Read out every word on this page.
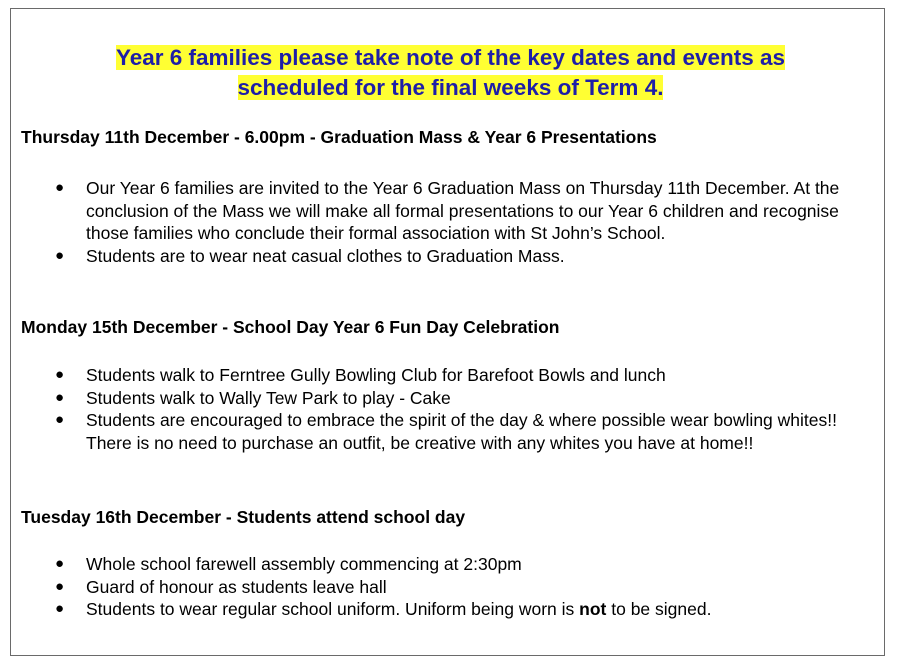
Year 6 families please take note of the key dates and events as
scheduled for the final weeks of Term 4.
Thursday 11th December - 6.00pm - Graduation Mass & Year 6 Presentations
● Our Year 6 families are invited to the Year 6 Graduation Mass on Thursday 11th December. At the conclusion of the Mass we will make all formal presentations to our Year 6 children and recognise those families who conclude their formal association with St John’s School.
● Students are to wear neat casual clothes to Graduation Mass.
Monday 15th December - School Day Year 6 Fun Day Celebration
● Students walk to Ferntree Gully Bowling Club for Barefoot Bowls and lunch
● Students walk to Wally Tew Park to play - Cake
● Students are encouraged to embrace the spirit of the day & where possible wear bowling whites!! There is no need to purchase an outfit, be creative with any whites you have at home!!
Tuesday 16th December - Students attend school day
● Whole school farewell assembly commencing at 2:30pm
● Guard of honour as students leave hall
● Students to wear regular school uniform. Uniform being worn is not to be signed.
